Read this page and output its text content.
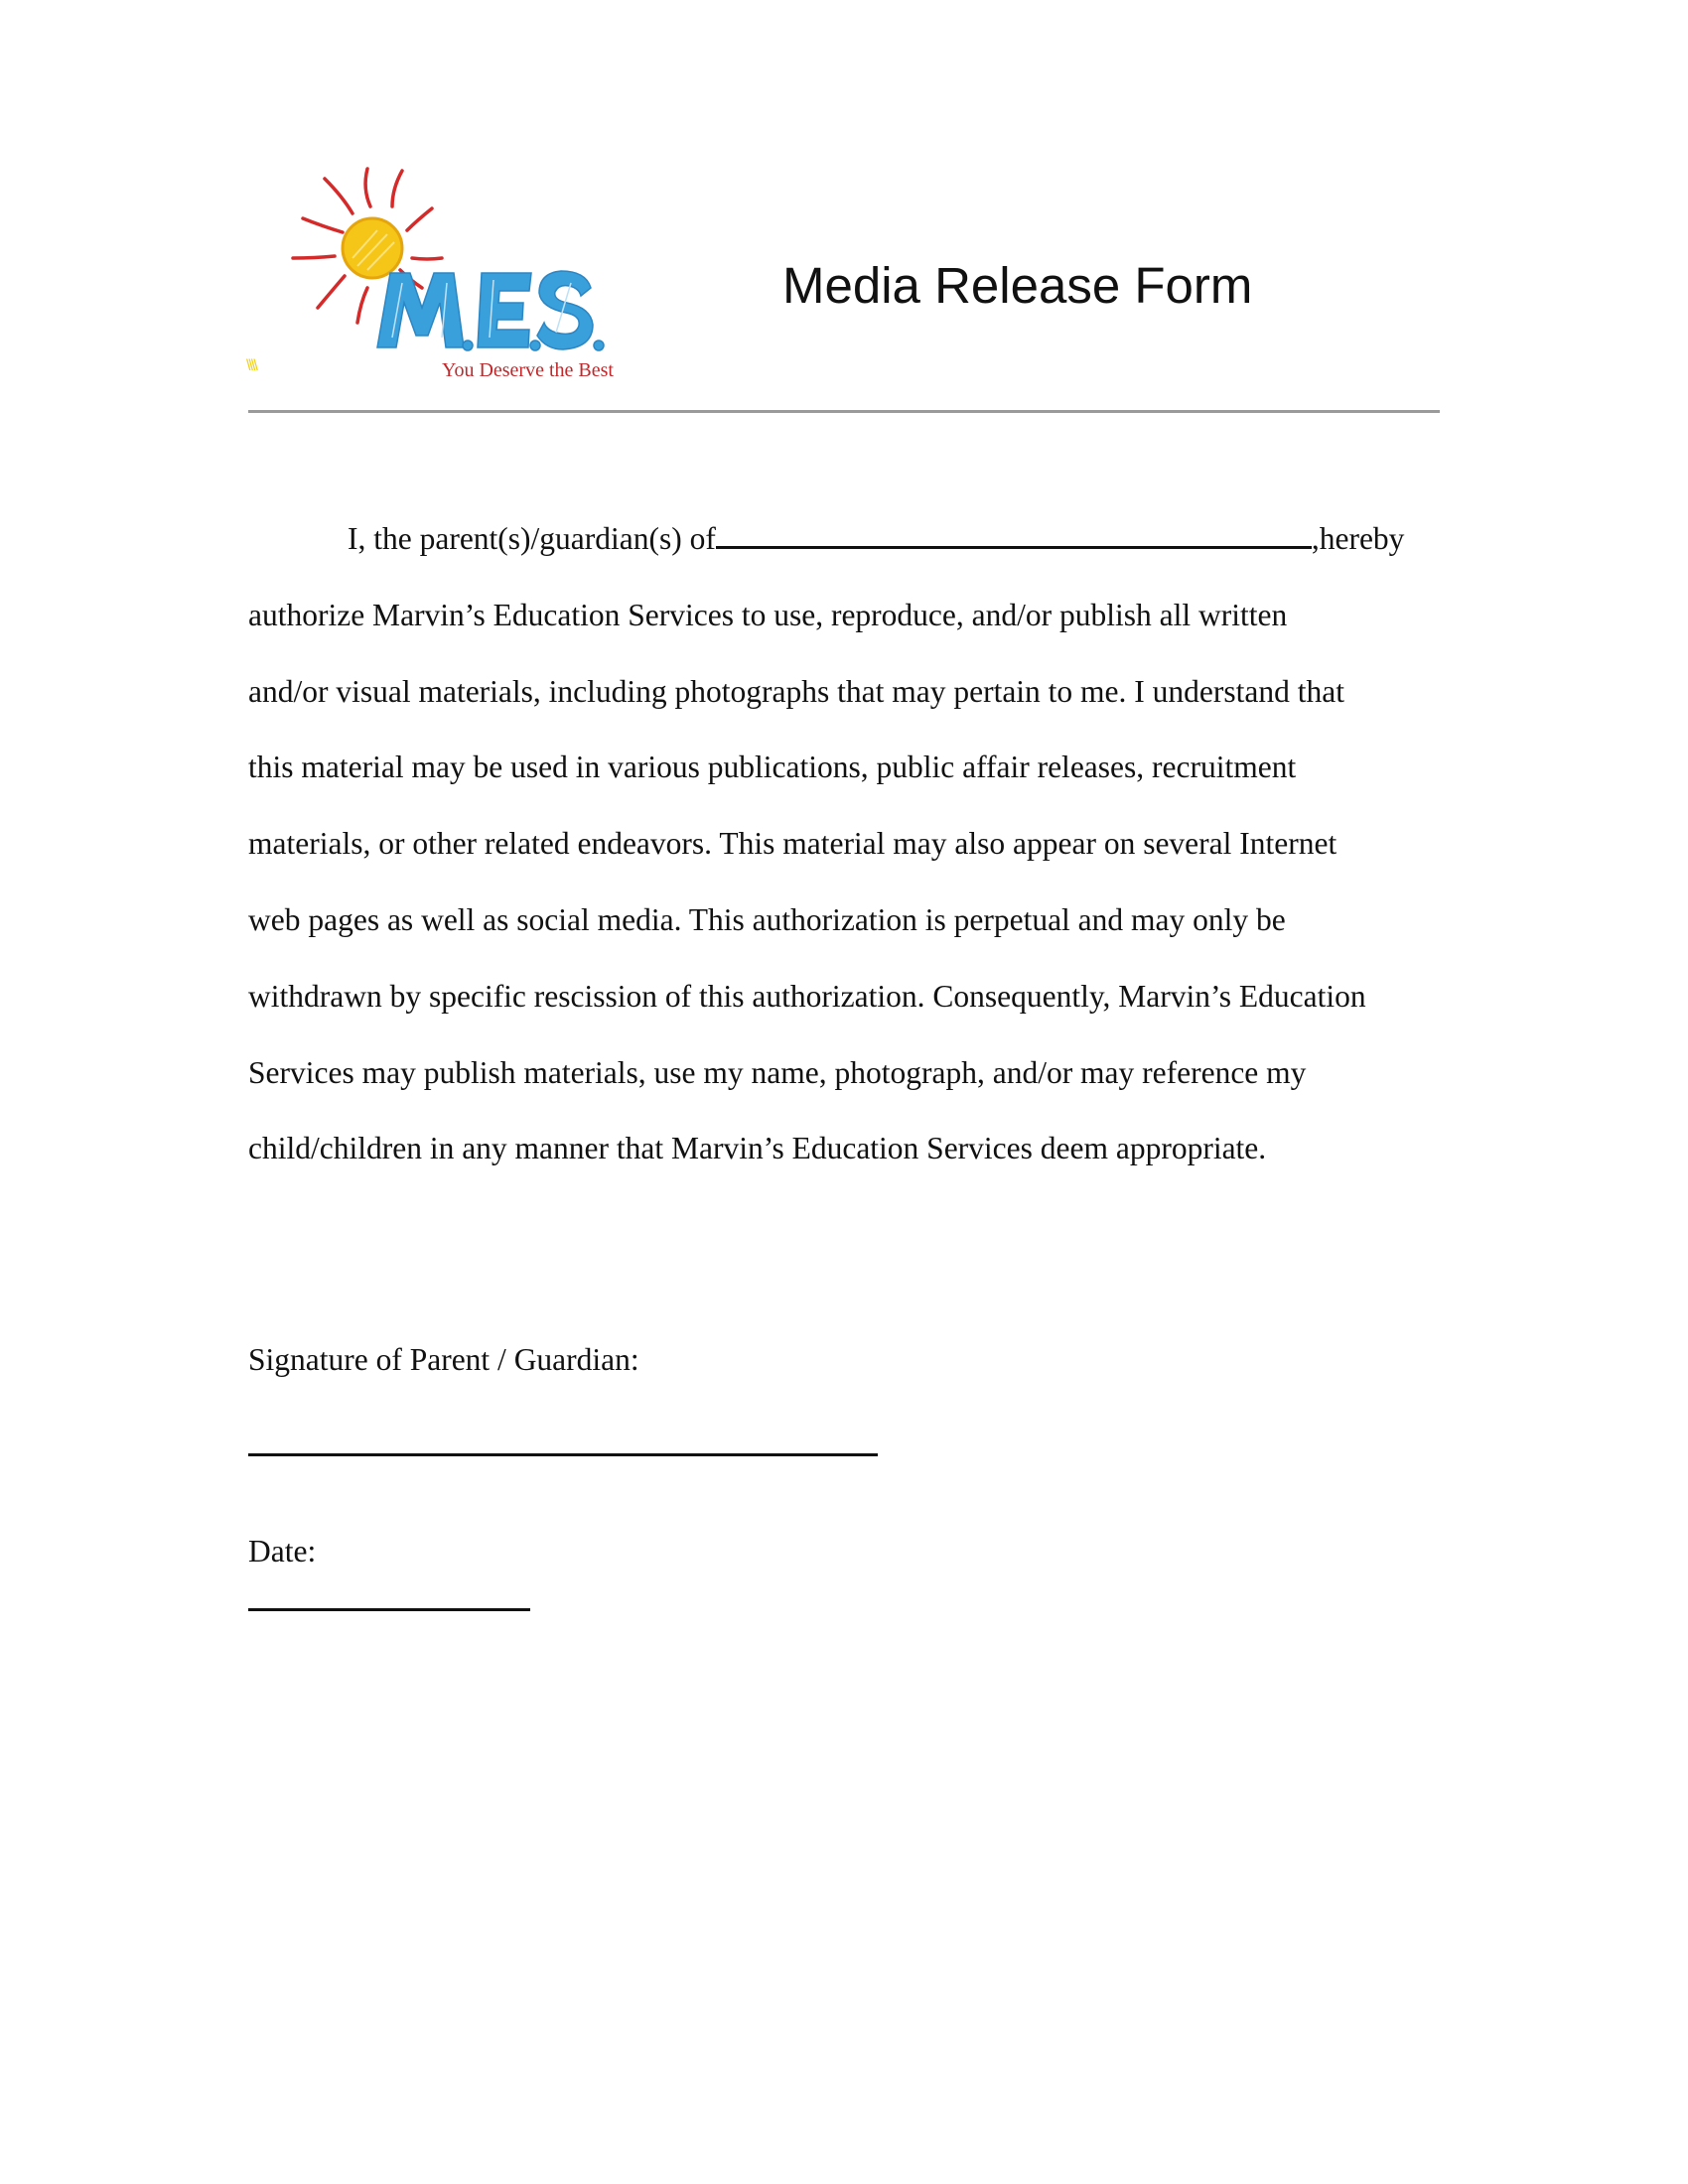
You Deserve the Best
\\\\
Media Release Form
I, the parent(s)/guardian(s) of	,hereby
authorize Marvin’s Education Services to use, reproduce, and/or publish all written
and/or visual materials, including photographs that may pertain to me. I understand that
this material may be used in various publications, public affair releases, recruitment
materials, or other related endeavors. This material may also appear on several Internet
web pages as well as social media. This authorization is perpetual and may only be
withdrawn by specific rescission of this authorization. Consequently, Marvin’s Education
Services may publish materials, use my name, photograph, and/or may reference my
child/children in any manner that Marvin’s Education Services deem appropriate.
Signature of Parent / Guardian:
Date:
